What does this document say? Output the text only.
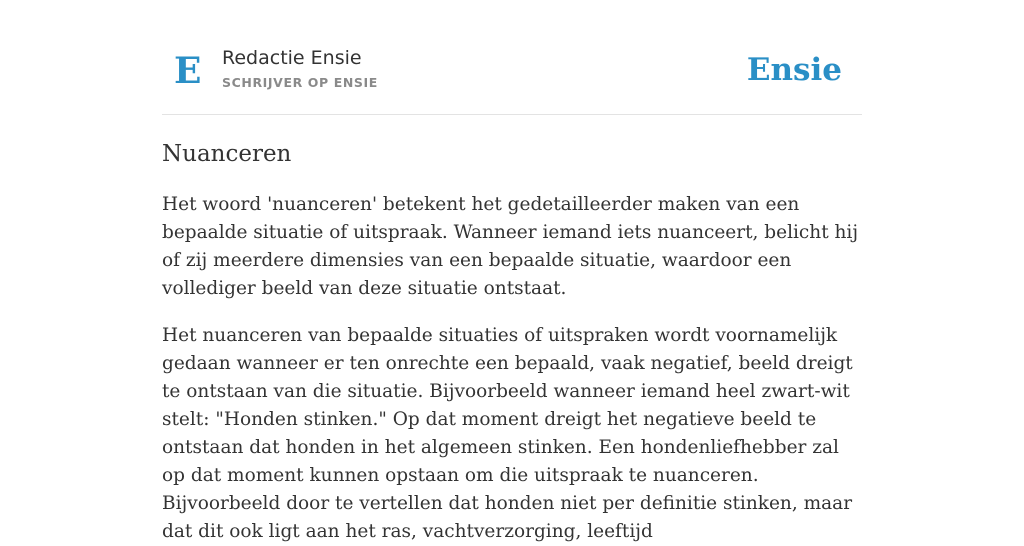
E Redactie Ensie
SCHRIJVER OP ENSIE	Ensie
Nuanceren

Het woord 'nuanceren' betekent het gedetailleerder maken van een bepaalde situatie of uitspraak. Wanneer iemand iets nuanceert, belicht hij of zij meerdere dimensies van een bepaalde situatie, waardoor een vollediger beeld van deze situatie ontstaat.

Het nuanceren van bepaalde situaties of uitspraken wordt voornamelijk gedaan wanneer er ten onrechte een bepaald, vaak negatief, beeld dreigt te ontstaan van die situatie. Bijvoorbeeld wanneer iemand heel zwart-wit stelt: "Honden stinken." Op dat moment dreigt het negatieve beeld te ontstaan dat honden in het algemeen stinken. Een hondenliefhebber zal op dat moment kunnen opstaan om die uitspraak te nuanceren. Bijvoorbeeld door te vertellen dat honden niet per definitie stinken, maar dat dit ook ligt aan het ras, vachtverzorging, leeftijd
